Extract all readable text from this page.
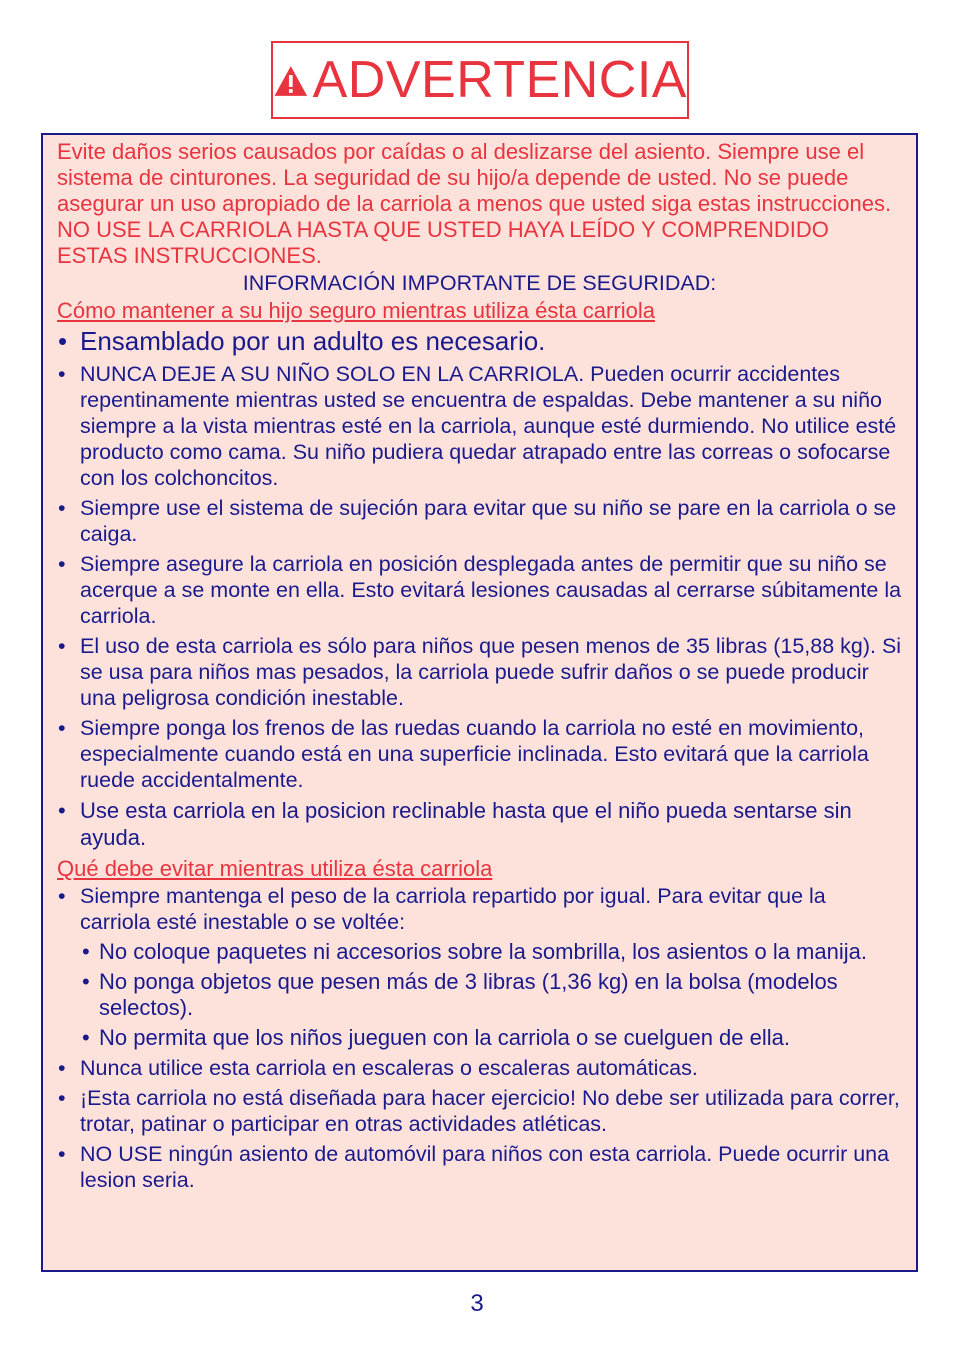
ADVERTENCIA

Evite daños serios causados por caídas o al deslizarse del asiento. Siempre use el sistema de cinturones. La seguridad de su hijo/a depende de usted. No se puede asegurar un uso apropiado de la carriola a menos que usted siga estas instrucciones. NO USE LA CARRIOLA HASTA QUE USTED HAYA LEÍDO Y COMPRENDIDO ESTAS INSTRUCCIONES.

INFORMACIÓN IMPORTANTE DE SEGURIDAD:

Cómo mantener a su hijo seguro mientras utiliza ésta carriola

• Ensamblado por un adulto es necesario.
• NUNCA DEJE A SU NIÑO SOLO EN LA CARRIOLA. Pueden ocurrir accidentes repentinamente mientras usted se encuentra de espaldas. Debe mantener a su niño siempre a la vista mientras esté en la carriola, aunque esté durmiendo. No utilice esté producto como cama. Su niño pudiera quedar atrapado entre las correas o sofocarse con los colchoncitos.
• Siempre use el sistema de sujeción para evitar que su niño se pare en la carriola o se caiga.
• Siempre asegure la carriola en posición desplegada antes de permitir que su niño se acerque a se monte en ella. Esto evitará lesiones causadas al cerrarse súbitamente la carriola.
• El uso de esta carriola es sólo para niños que pesen menos de 35 libras (15,88 kg). Si se usa para niños mas pesados, la carriola puede sufrir daños o se puede producir una peligrosa condición inestable.
• Siempre ponga los frenos de las ruedas cuando la carriola no esté en movimiento, especialmente cuando está en una superficie inclinada. Esto evitará que la carriola ruede accidentalmente.
• Use esta carriola en la posicion reclinable hasta que el niño pueda sentarse sin ayuda.

Qué debe evitar mientras utiliza ésta carriola

• Siempre mantenga el peso de la carriola repartido por igual. Para evitar que la carriola esté inestable o se voltée:
• No coloque paquetes ni accesorios sobre la sombrilla, los asientos o la manija.
• No ponga objetos que pesen más de 3 libras (1,36 kg) en la bolsa (modelos selectos).
• No permita que los niños jueguen con la carriola o se cuelguen de ella.
• Nunca utilice esta carriola en escaleras o escaleras automáticas.
• ¡Esta carriola no está diseñada para hacer ejercicio! No debe ser utilizada para correr, trotar, patinar o participar en otras actividades atléticas.
• NO USE ningún asiento de automóvil para niños con esta carriola. Puede ocurrir una lesion seria.
3
